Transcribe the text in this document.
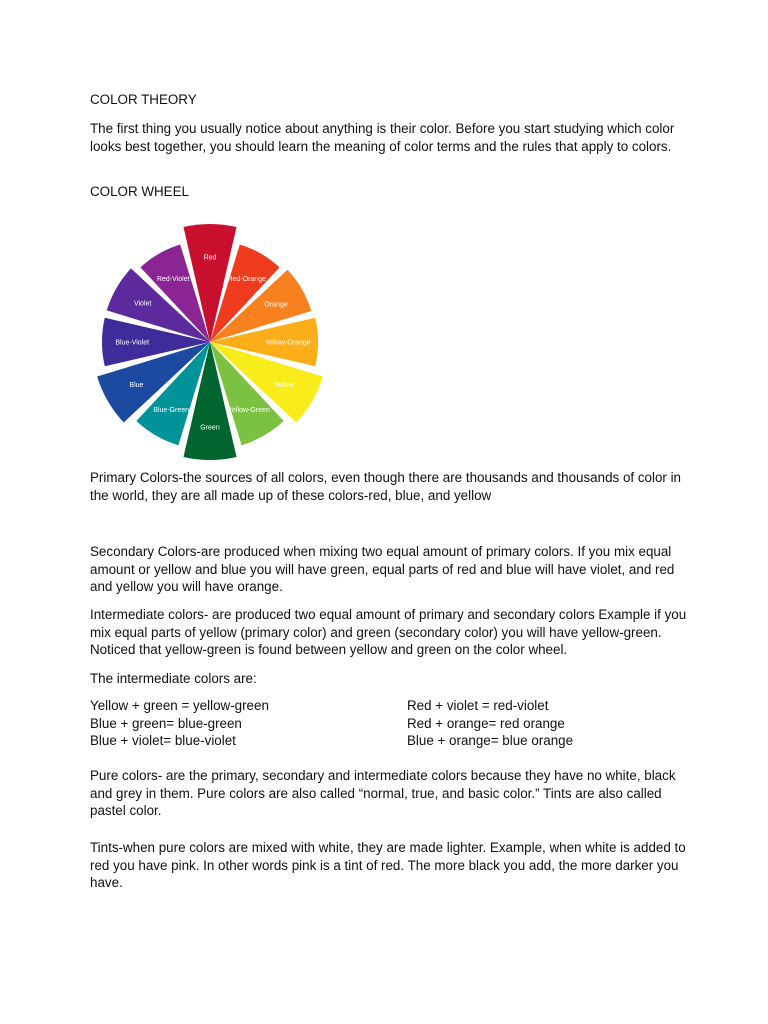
COLOR THEORY

The first thing you usually notice about anything is their color. Before you start studying which color looks best together, you should learn the meaning of color terms and the rules that apply to colors.

COLOR WHEEL

Red
Red-Orange
Orange
Yellow-Orange
Yellow
Yellow-Green
Green
Blue-Green
Blue
Blue-Violet
Violet
Red-Violet

Primary Colors-the sources of all colors, even though there are thousands and thousands of color in the world, they are all made up of these colors-red, blue, and yellow

Secondary Colors-are produced when mixing two equal amount of primary colors. If you mix equal amount or yellow and blue you will have green, equal parts of red and blue will have violet, and red and yellow you will have orange.

Intermediate colors- are produced two equal amount of primary and secondary colors Example if you mix equal parts of yellow (primary color) and green (secondary color) you will have yellow-green. Noticed that yellow-green is found between yellow and green on the color wheel.

The intermediate colors are:

Yellow + green = yellow-green
Blue + green= blue-green
Blue + violet= blue-violet
Red + violet = red-violet
Red + orange= red orange
Blue + orange= blue orange

Pure colors- are the primary, secondary and intermediate colors because they have no white, black and grey in them. Pure colors are also called “normal, true, and basic color.” Tints are also called pastel color.

Tints-when pure colors are mixed with white, they are made lighter. Example, when white is added to red you have pink. In other words pink is a tint of red. The more black you add, the more darker you have.
